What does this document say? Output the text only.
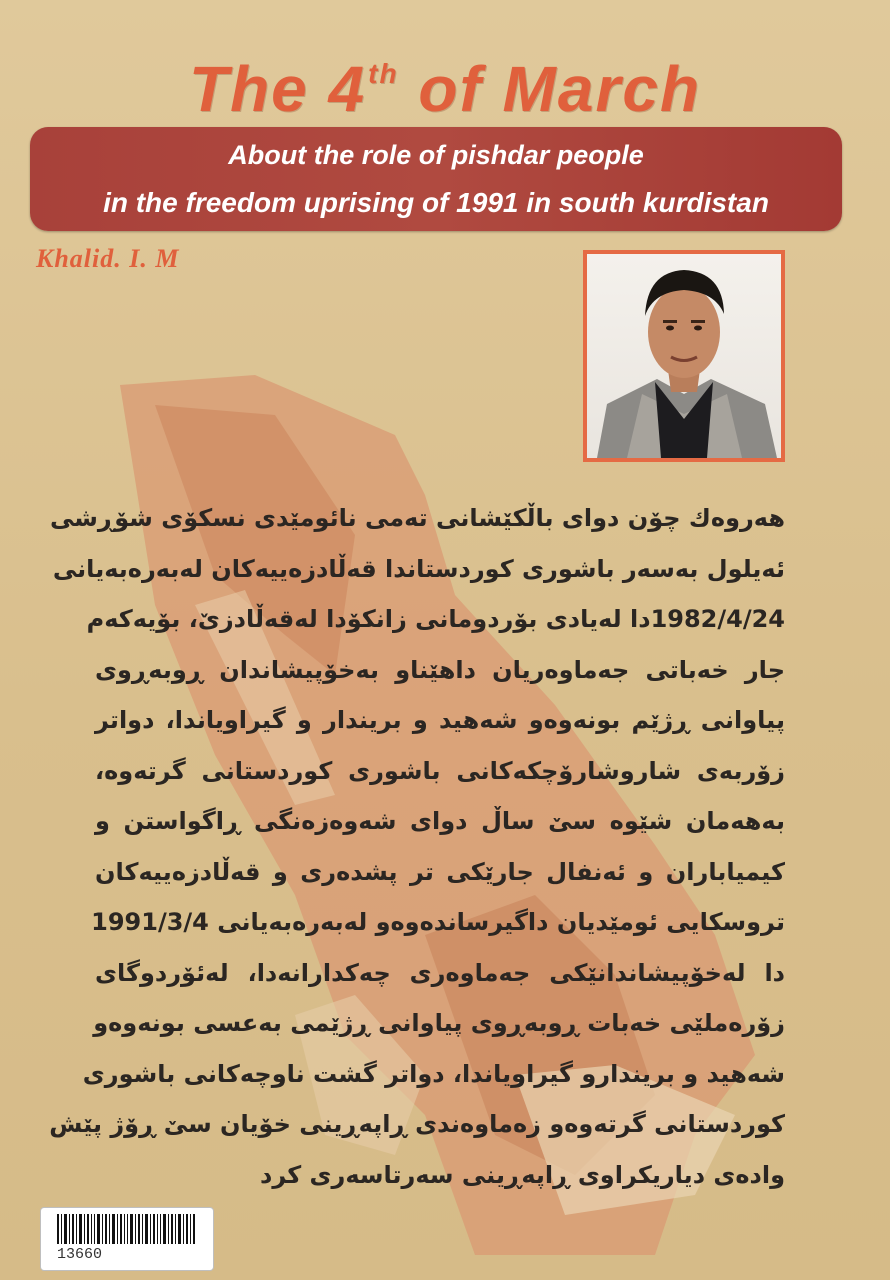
The 4th of March
About the role of pishdar people
in the freedom uprising of 1991 in south kurdistan
Khalid. I. M
هەروەك چۆن دوای باڵكێشانی تەمی نائومێدی نسكۆی شۆڕشی
ئەیلول بەسەر باشوری كوردستاندا قەڵادزەییەكان لەبەرەبەیانی
1982/4/24دا لەیادی بۆردومانی زانكۆدا لەقەڵادزێ، بۆیەكەم
جار خەباتی جەماوەریان داهێناو بەخۆپیشاندان ڕوبەڕوی
پیاوانی ڕژێم بونەوەو شەهید و بریندار و گیراویاندا، دواتر
زۆربەی شاروشارۆچكەكانی باشوری كوردستانی گرتەوە،
بەهەمان شێوە سێ ساڵ دوای شەوەزەنگی ڕاگواستن و
كیمیاباران و ئەنفال جارێكی تر پشدەری و قەڵادزەییەكان
تروسكایی ئومێدیان داگیرساندەوەو لەبەرەبەیانی 1991/3/4
دا لەخۆپیشاندانێكی جەماوەری چەكدارانەدا، لەئۆردوگای
زۆرەملێی خەبات ڕوبەڕوی پیاوانی ڕژێمی بەعسی بونەوەو
شەهید و بریندارو گیراویاندا، دواتر گشت ناوچەكانی باشوری
كوردستانی گرتەوەو زەماوەندی ڕاپەڕینی خۆیان سێ ڕۆژ پێش
وادەی دیاریكراوی ڕاپەڕینی سەرتاسەری كرد
13660
